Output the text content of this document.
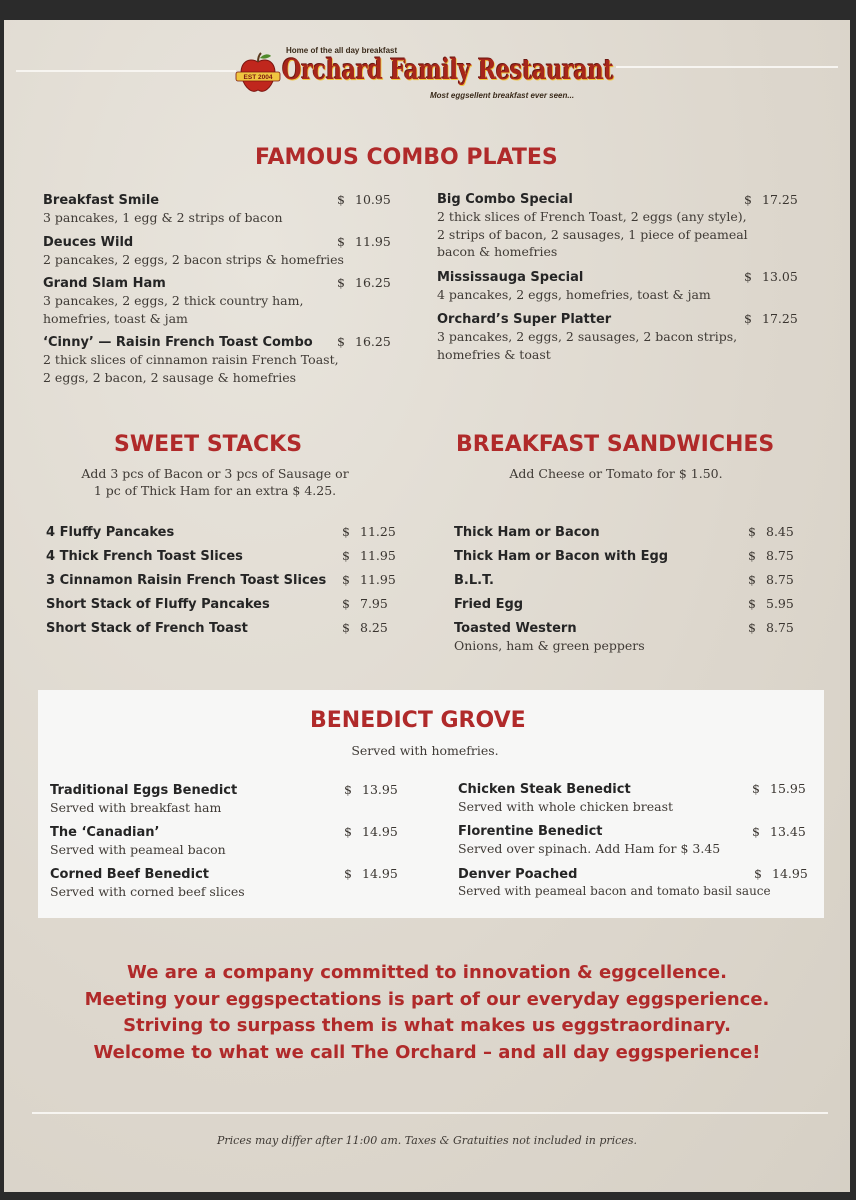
EST 2004
Home of the all day breakfast
Orchard Family Restaurant
Most eggsellent breakfast ever seen...
FAMOUS COMBO PLATES
Breakfast Smile
3 pancakes, 1 egg & 2 strips of bacon
$ 10.95
Deuces Wild
2 pancakes, 2 eggs, 2 bacon strips & homefries
$ 11.95
Grand Slam Ham
3 pancakes, 2 eggs, 2 thick country ham,
homefries, toast & jam
$ 16.25
‘Cinny’ — Raisin French Toast Combo
2 thick slices of cinnamon raisin French Toast,
2 eggs, 2 bacon, 2 sausage & homefries
$ 16.25
Big Combo Special
2 thick slices of French Toast, 2 eggs (any style),
2 strips of bacon, 2 sausages, 1 piece of peameal
bacon & homefries
$ 17.25
Mississauga Special
4 pancakes, 2 eggs, homefries, toast & jam
$ 13.05
Orchard’s Super Platter
3 pancakes, 2 eggs, 2 sausages, 2 bacon strips,
homefries & toast
$ 17.25
SWEET STACKS
Add 3 pcs of Bacon or 3 pcs of Sausage or
1 pc of Thick Ham for an extra $ 4.25.
4 Fluffy Pancakes	$ 11.25
4 Thick French Toast Slices	$ 11.95
3 Cinnamon Raisin French Toast Slices $ 11.95
Short Stack of Fluffy Pancakes	$ 7.95
Short Stack of French Toast	$ 8.25
BREAKFAST SANDWICHES
Add Cheese or Tomato for $ 1.50.
Thick Ham or Bacon	$ 8.45
Thick Ham or Bacon with Egg	$ 8.75
B.L.T.	$ 8.75
Fried Egg	$ 5.95
Toasted Western
Onions, ham & green peppers
$ 8.75
BENEDICT GROVE
Served with homefries.
Traditional Eggs Benedict
Served with breakfast ham
$ 13.95
The ‘Canadian’
Served with peameal bacon
$ 14.95
Corned Beef Benedict
Served with corned beef slices
$ 14.95
Chicken Steak Benedict
Served with whole chicken breast
$ 15.95
Florentine Benedict
Served over spinach. Add Ham for $ 3.45
$ 13.45
Denver Poached
Served with peameal bacon and tomato basil sauce
$ 14.95
We are a company committed to innovation & eggcellence.
Meeting your eggspectations is part of our everyday eggsperience.
Striving to surpass them is what makes us eggstraordinary.
Welcome to what we call The Orchard – and all day eggsperience!
Prices may differ after 11:00 am. Taxes & Gratuities not included in prices.
